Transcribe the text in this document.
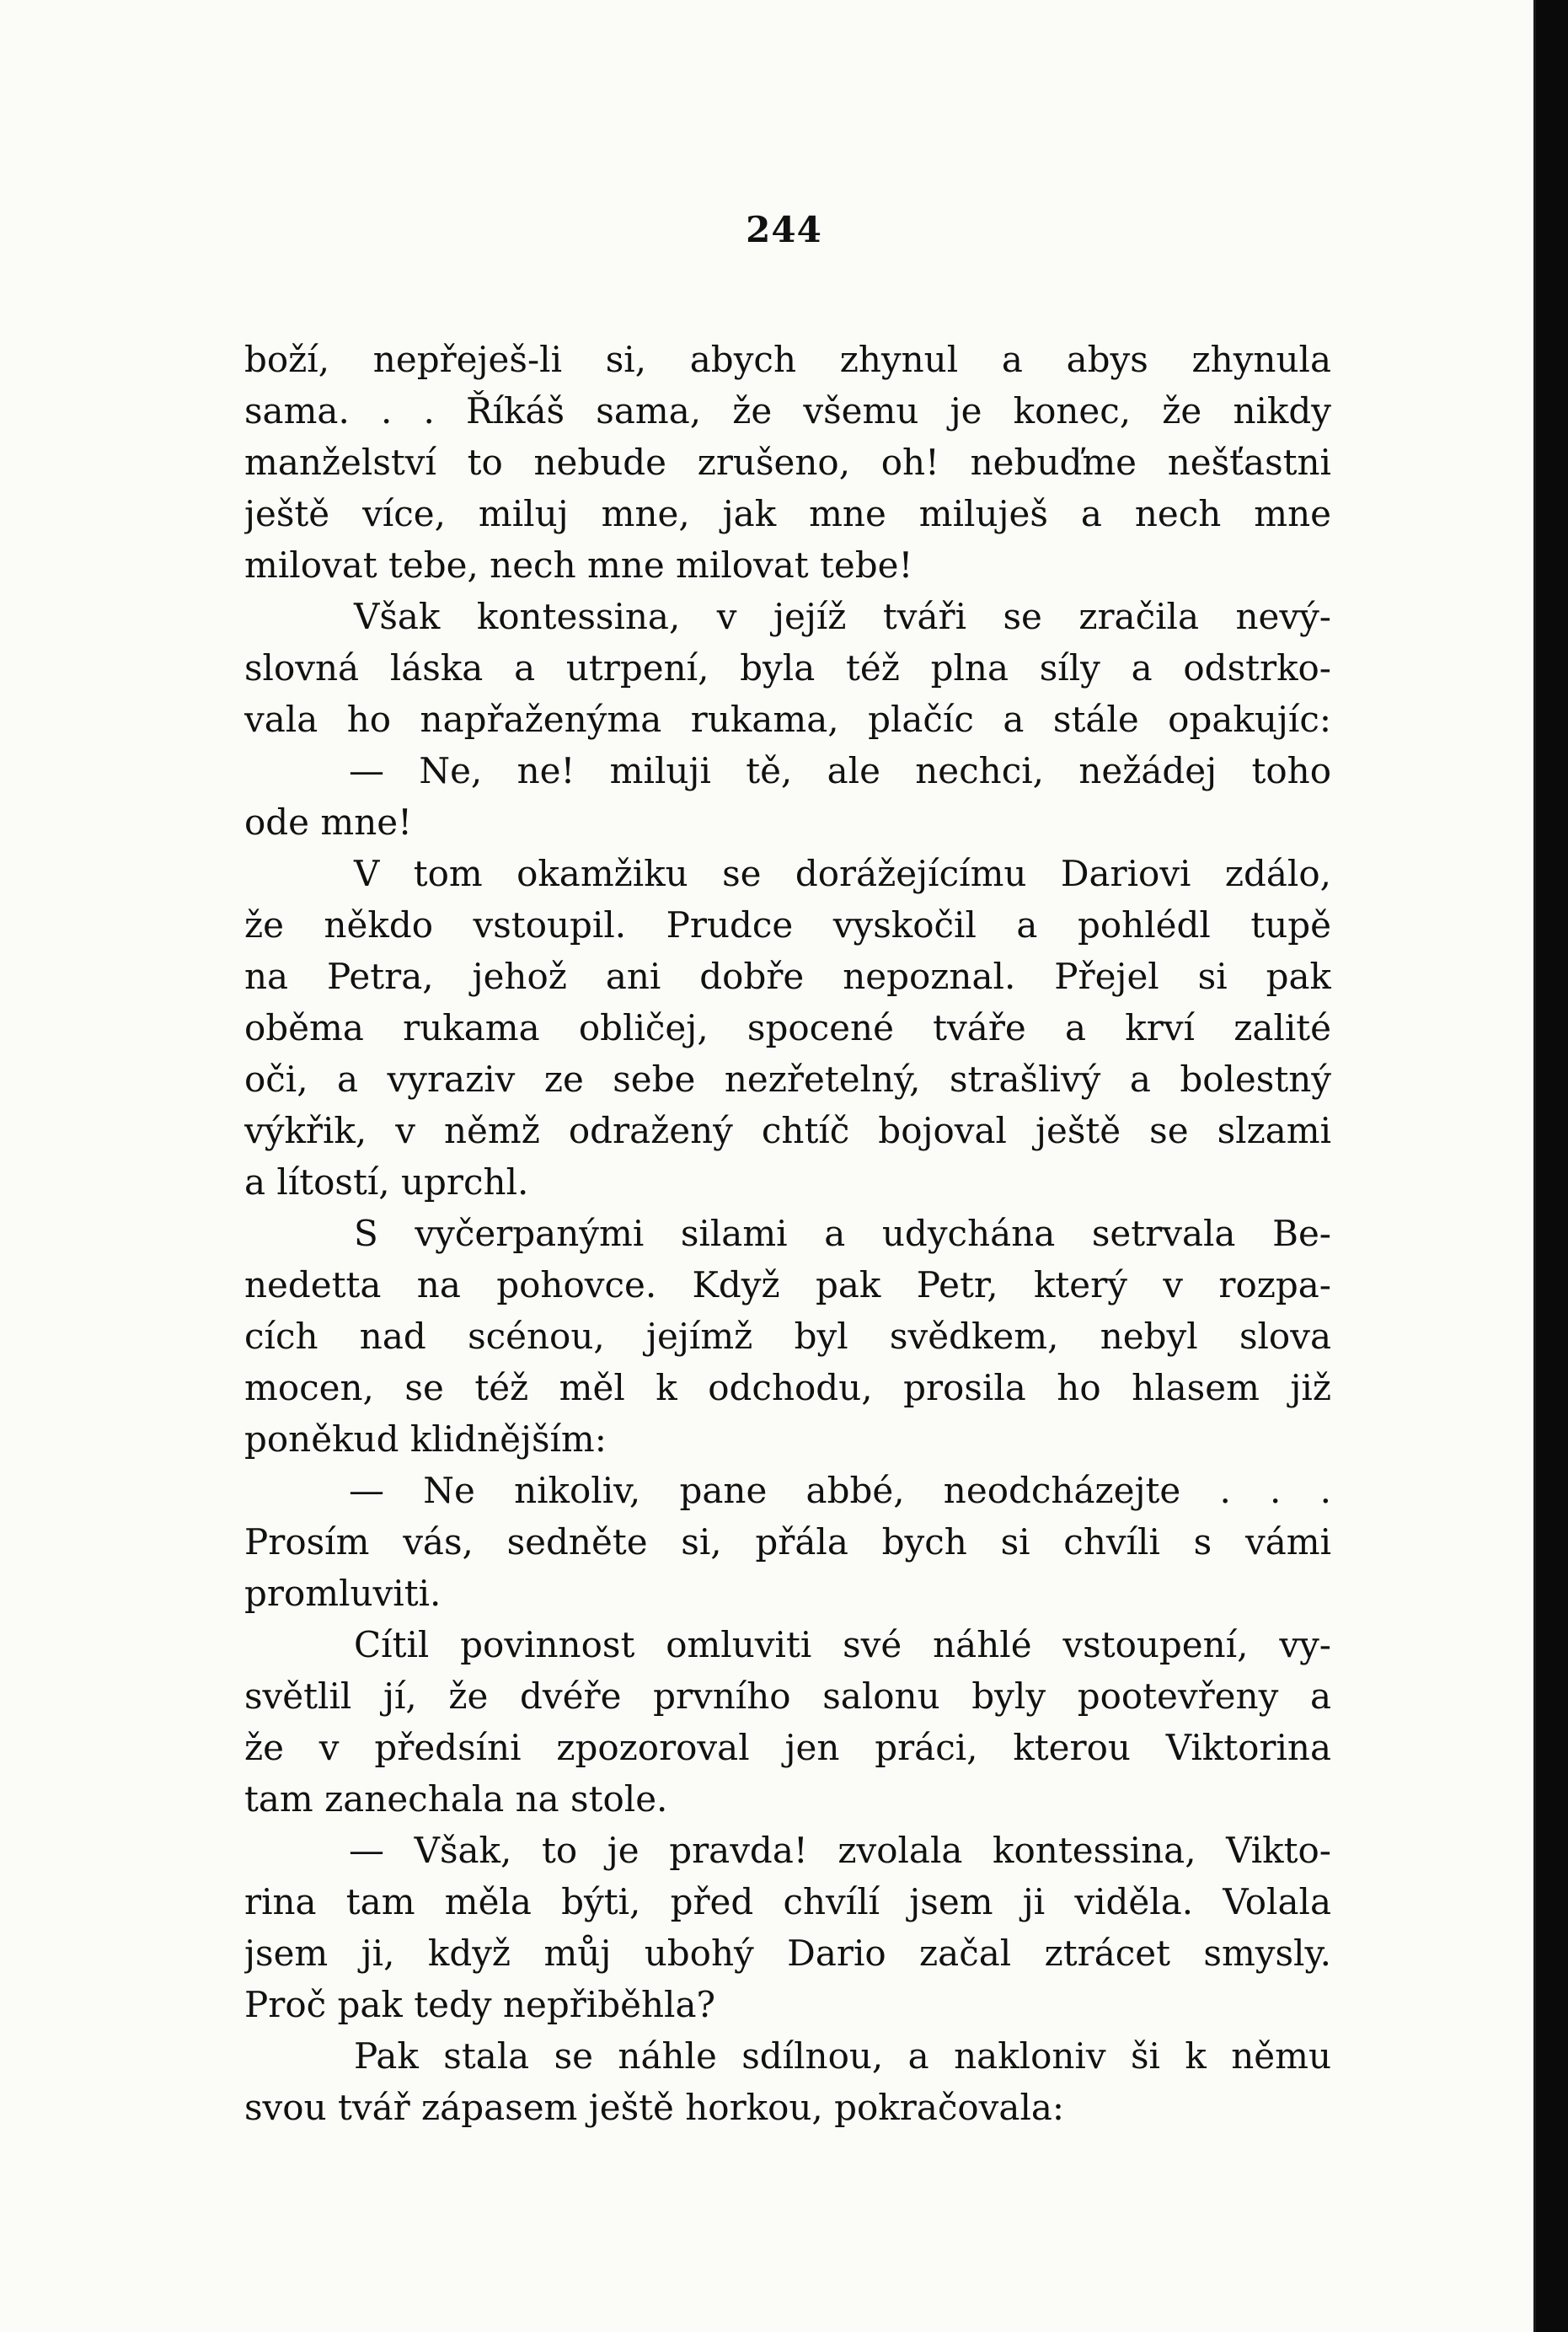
244
boží, nepřeješ-li si, abych zhynul a abys zhynula
sama. . . Říkáš sama, že všemu je konec, že nikdy
manželství to nebude zrušeno, oh! nebuďme nešťastni
ještě více, miluj mne, jak mne miluješ a nech mne
milovat tebe, nech mne milovat tebe!
Však kontessina, v jejíž tváři se zračila nevý-
slovná láska a utrpení, byla též plna síly a odstrko-
vala ho napřaženýma rukama, plačíc a stále opakujíc:
— Ne, ne! miluji tě, ale nechci, nežádej toho
ode mne!
V tom okamžiku se dorážejícímu Dariovi zdálo,
že někdo vstoupil. Prudce vyskočil a pohlédl tupě
na Petra, jehož ani dobře nepoznal. Přejel si pak
oběma rukama obličej, spocené tváře a krví zalité
oči, a vyraziv ze sebe nezřetelný, strašlivý a bolestný
výkřik, v němž odražený chtíč bojoval ještě se slzami
a lítostí, uprchl.
S vyčerpanými silami a udychána setrvala Be-
nedetta na pohovce. Když pak Petr, který v rozpa-
cích nad scénou, jejímž byl svědkem, nebyl slova
mocen, se též měl k odchodu, prosila ho hlasem již
poněkud klidnějším:
— Ne nikoliv, pane abbé, neodcházejte . . .
Prosím vás, sedněte si, přála bych si chvíli s vámi
promluviti.
Cítil povinnost omluviti své náhlé vstoupení, vy-
světlil jí, že dvéře prvního salonu byly pootevřeny a
že v předsíni zpozoroval jen práci, kterou Viktorina
tam zanechala na stole.
— Však, to je pravda! zvolala kontessina, Vikto-
rina tam měla býti, před chvílí jsem ji viděla. Volala
jsem ji, když můj ubohý Dario začal ztrácet smysly.
Proč pak tedy nepřiběhla?
Pak stala se náhle sdílnou, a nakloniv ši k němu
svou tvář zápasem ještě horkou, pokračovala:
